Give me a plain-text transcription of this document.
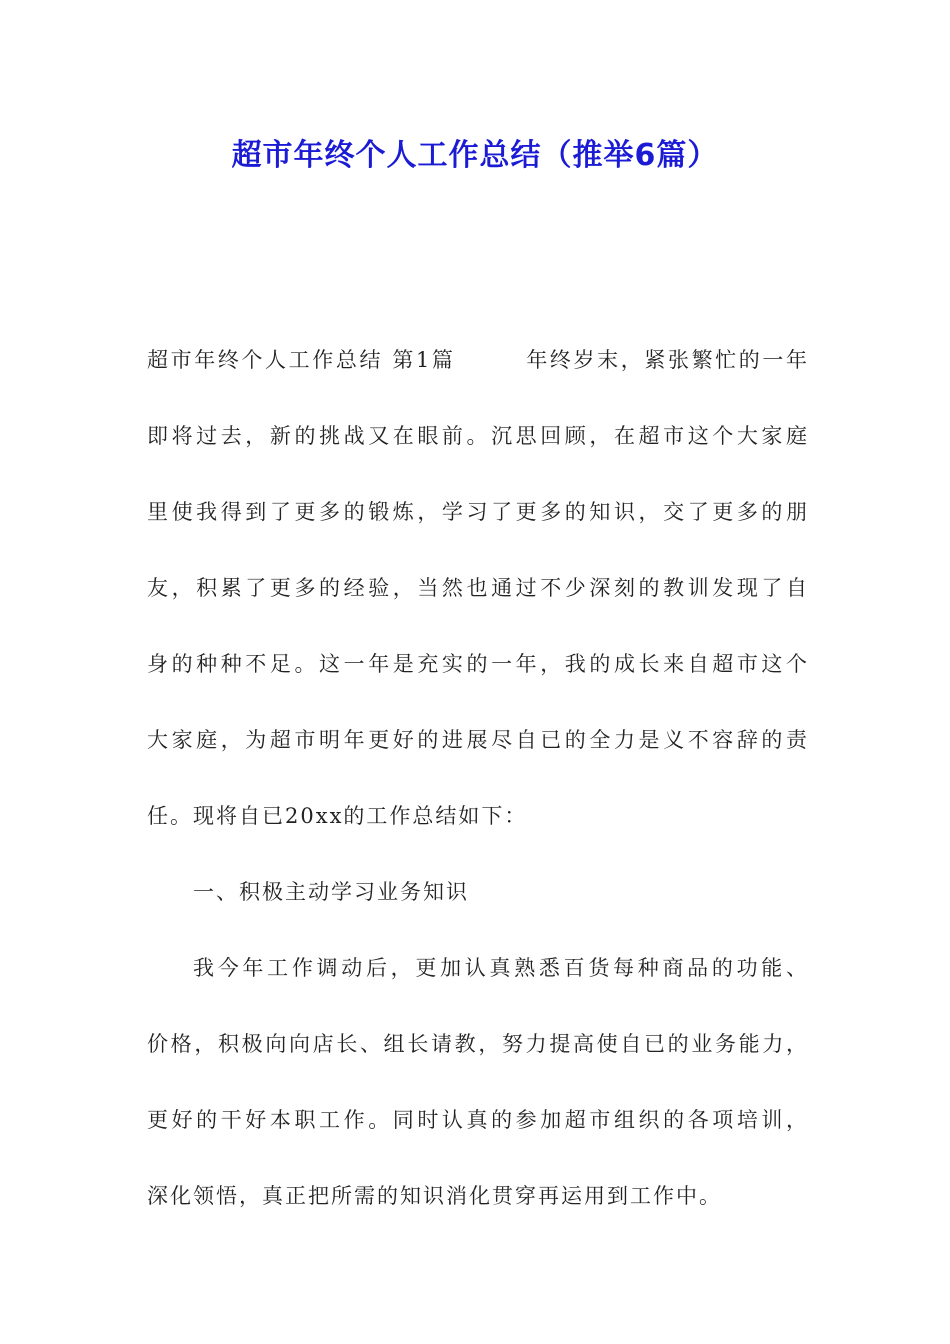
超市年终个人工作总结（推举6篇）
超市年终个人工作总结 第1篇　　　年终岁末，紧张繁忙的一年
即将过去，新的挑战又在眼前。沉思回顾，在超市这个大家庭
里使我得到了更多的锻炼，学习了更多的知识，交了更多的朋
友，积累了更多的经验，当然也通过不少深刻的教训发现了自
身的种种不足。这一年是充实的一年，我的成长来自超市这个
大家庭，为超市明年更好的进展尽自已的全力是义不容辞的责
任。现将自已20xx的工作总结如下：
一、积极主动学习业务知识
我今年工作调动后，更加认真熟悉百货每种商品的功能、
价格，积极向向店长、组长请教，努力提高使自已的业务能力，
更好的干好本职工作。同时认真的参加超市组织的各项培训，
深化领悟，真正把所需的知识消化贯穿再运用到工作中。
